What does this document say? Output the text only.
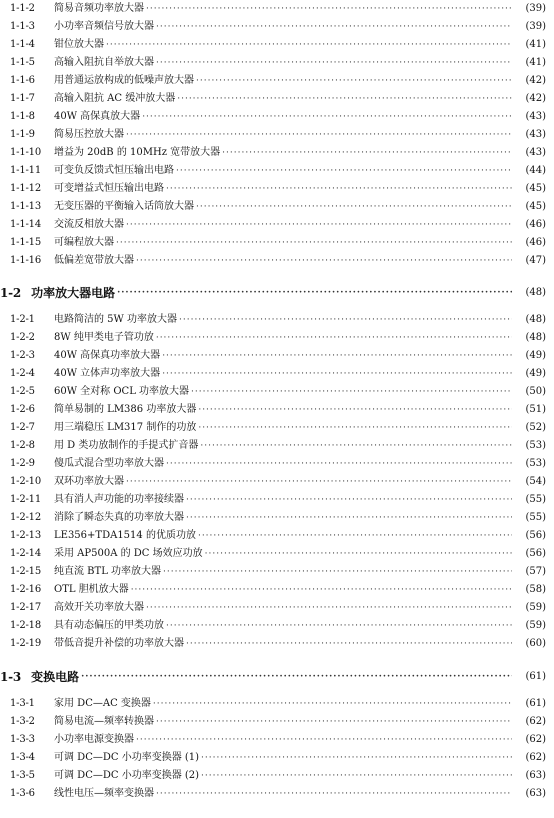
1-1-2	简易音频功率放大器 ·····	(39)
1-1-3	小功率音频信号放大器 ·····	(39)
1-1-4	钳位放大器 ·····	(41)
1-1-5	高输入阻抗自举放大器 ·····	(41)
1-1-6	用普通运放构成的低噪声放大器 ·····	(42)
1-1-7	高输入阻抗 AC 缓冲放大器 ·····	(42)
1-1-8	40W 高保真放大器 ·····	(43)
1-1-9	简易压控放大器 ·····	(43)
1-1-10	增益为 20dB 的 10MHz 宽带放大器 ·····	(43)
1-1-11	可变负反馈式恒压输出电路 ·····	(44)
1-1-12	可变增益式恒压输出电路 ·····	(45)
1-1-13	无变压器的平衡输入话筒放大器 ·····	(45)
1-1-14	交流反相放大器 ·····	(46)
1-1-15	可编程放大器 ·····	(46)
1-1-16	低偏差宽带放大器 ·····	(47)
1-2 功率放大器电路 ·····	(48)
1-2-1	电路简洁的 5W 功率放大器 ·····	(48)
1-2-2	8W 纯甲类电子管功放 ·····	(48)
1-2-3	40W 高保真功率放大器 ·····	(49)
1-2-4	40W 立体声功率放大器 ·····	(49)
1-2-5	60W 全对称 OCL 功率放大器 ·····	(50)
1-2-6	简单易制的 LM386 功率放大器 ·····	(51)
1-2-7	用三端稳压 LM317 制作的功放 ·····	(52)
1-2-8	用 D 类功放制作的手提式扩音器 ·····	(53)
1-2-9	傻瓜式混合型功率放大器 ·····	(53)
1-2-10	双环功率放大器 ·····	(54)
1-2-11	具有消人声功能的功率接续器 ·····	(55)
1-2-12	消除了瞬态失真的功率放大器 ·····	(55)
1-2-13	LE356+TDA1514 的优质功放 ·····	(56)
1-2-14	采用 AP500A 的 DC 场效应功放 ·····	(56)
1-2-15	纯直流 BTL 功率放大器 ·····	(57)
1-2-16	OTL 胆机放大器 ·····	(58)
1-2-17	高效开关功率放大器 ·····	(59)
1-2-18	具有动态偏压的甲类功放 ·····	(59)
1-2-19	带低音提升补偿的功率放大器 ·····	(60)
1-3 变换电路 ·····	(61)
1-3-1	家用 DC—AC 变换器 ·····	(61)
1-3-2	简易电流—频率转换器 ·····	(62)
1-3-3	小功率电源变换器 ·····	(62)
1-3-4	可调 DC—DC 小功率变换器 (1) ·····	(62)
1-3-5	可调 DC—DC 小功率变换器 (2) ·····	(63)
1-3-6	线性电压—频率变换器 ·····	(63)
